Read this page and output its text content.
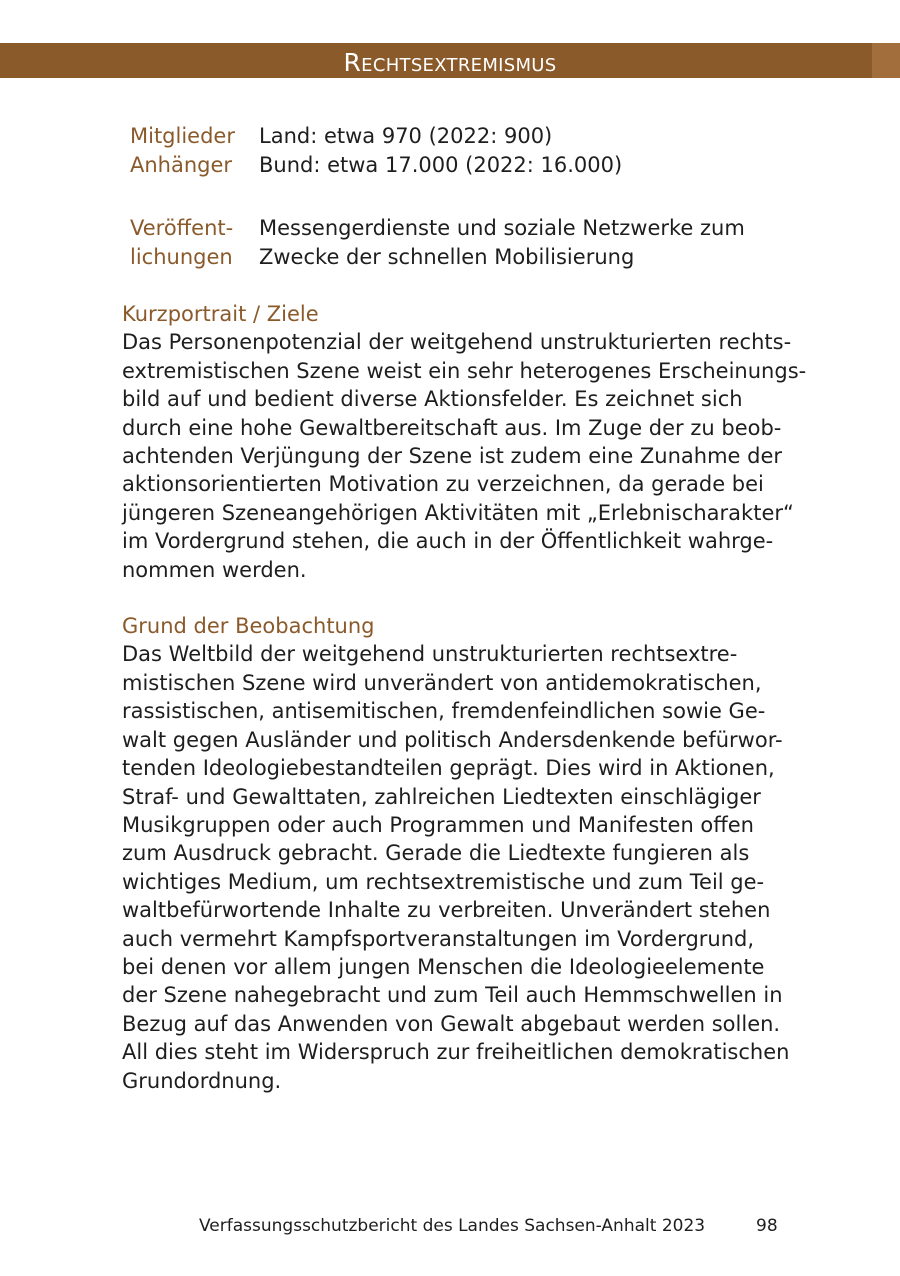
Rechtsextremismus
Mitglieder	Land: etwa 970 (2022: 900)
Anhänger	Bund: etwa 17.000 (2022: 16.000)
Veröffent-	Messengerdienste und soziale Netzwerke zum
lichungen	Zwecke der schnellen Mobilisierung
Kurzportrait / Ziele
Das Personenpotenzial der weitgehend unstrukturierten rechts-
extremistischen Szene weist ein sehr heterogenes Erscheinungs-
bild auf und bedient diverse Aktionsfelder. Es zeichnet sich
durch eine hohe Gewaltbereitschaft aus. Im Zuge der zu beob-
achtenden Verjüngung der Szene ist zudem eine Zunahme der
aktionsorientierten Motivation zu verzeichnen, da gerade bei
jüngeren Szeneangehörigen Aktivitäten mit „Erlebnischarakter“
im Vordergrund stehen, die auch in der Öffentlichkeit wahrge-
nommen werden.
Grund der Beobachtung
Das Weltbild der weitgehend unstrukturierten rechtsextre-
mistischen Szene wird unverändert von antidemokratischen,
rassistischen, antisemitischen, fremdenfeindlichen sowie Ge-
walt gegen Ausländer und politisch Andersdenkende befürwor-
tenden Ideologiebestandteilen geprägt. Dies wird in Aktionen,
Straf- und Gewalttaten, zahlreichen Liedtexten einschlägiger
Musikgruppen oder auch Programmen und Manifesten offen
zum Ausdruck gebracht. Gerade die Liedtexte fungieren als
wichtiges Medium, um rechtsextremistische und zum Teil ge-
waltbefürwortende Inhalte zu verbreiten. Unverändert stehen
auch vermehrt Kampfsportveranstaltungen im Vordergrund,
bei denen vor allem jungen Menschen die Ideologieelemente
der Szene nahegebracht und zum Teil auch Hemmschwellen in
Bezug auf das Anwenden von Gewalt abgebaut werden sollen.
All dies steht im Widerspruch zur freiheitlichen demokratischen
Grundordnung.
Verfassungsschutzbericht des Landes Sachsen-Anhalt 2023	98
